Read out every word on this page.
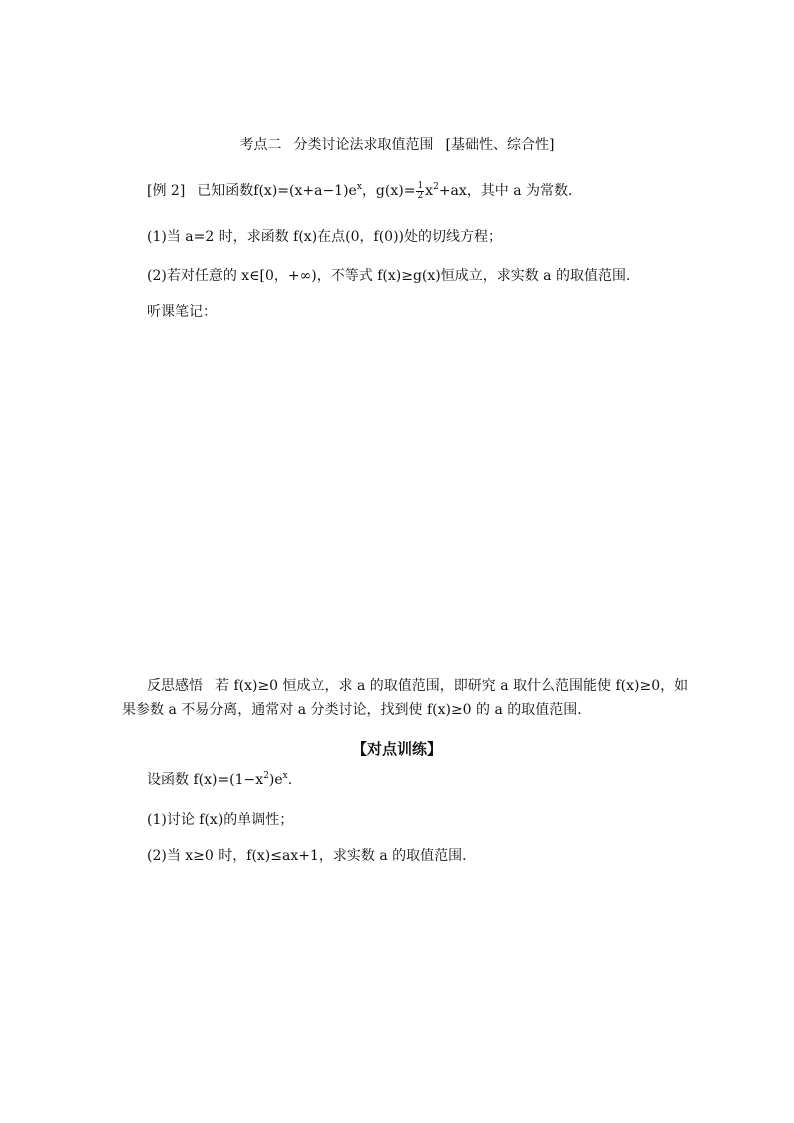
考点二 分类讨论法求取值范围 [基础性、综合性]
[例 2] 已知函数$f(x)=(x+a-1)e^x$，$g(x)= \frac{1}{2} x^2+ax$，其中 a 为常数．
(1)当 a=2 时，求函数 f(x)在点(0，f(0))处的切线方程；
(2)若对任意的 x∈[0，+∞)，不等式 f(x)≥g(x)恒成立，求实数 a 的取值范围．
听课笔记：
反思感悟 若 f(x)≥0 恒成立，求 a 的取值范围，即研究 a 取什么范围能使 f(x)≥0，如
果参数 a 不易分离，通常对 a 分类讨论，找到使 f(x)≥0 的 a 的取值范围．
【对点训练】
设函数 $f(x)=(1-x^2)e^x$.
(1)讨论 f(x)的单调性；
(2)当 x≥0 时，f(x)≤ax+1，求实数 a 的取值范围．
